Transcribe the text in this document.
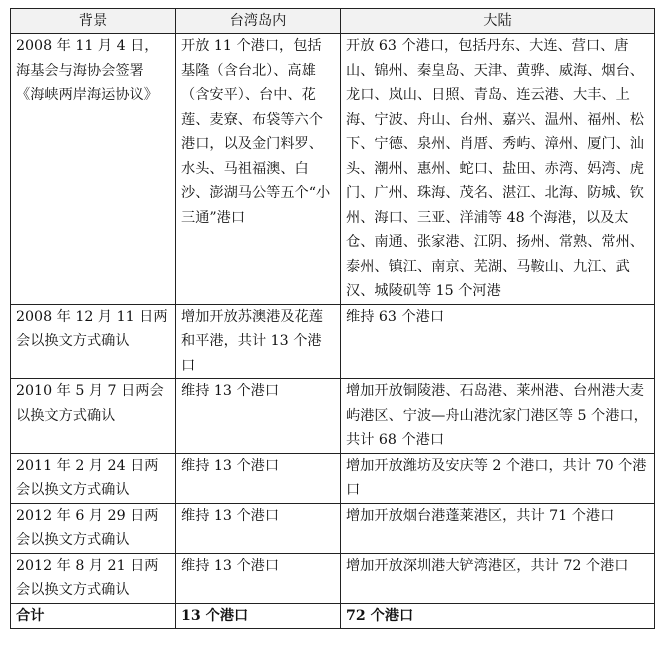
背景	台湾岛内	大陆
2008 年 11 月 4 日，海基会与海协会签署《海峡两岸海运协议》	开放 11 个港口，包括基隆（含台北）、高雄（含安平）、台中、花莲、麦寮、布袋等六个港口，以及金门料罗、水头、马祖福澳、白沙、澎湖马公等五个“小三通”港口	开放 63 个港口，包括丹东、大连、营口、唐山、锦州、秦皇岛、天津、黄骅、威海、烟台、龙口、岚山、日照、青岛、连云港、大丰、上海、宁波、舟山、台州、嘉兴、温州、福州、松下、宁德、泉州、肖厝、秀屿、漳州、厦门、汕头、潮州、惠州、蛇口、盐田、赤湾、妈湾、虎门、广州、珠海、茂名、湛江、北海、防城、钦州、海口、三亚、洋浦等 48 个海港，以及太仓、南通、张家港、江阴、扬州、常熟、常州、泰州、镇江、南京、芜湖、马鞍山、九江、武汉、城陵矶等 15 个河港
2008 年 12 月 11 日两会以换文方式确认	增加开放苏澳港及花莲和平港，共计 13 个港口	维持 63 个港口
2010 年 5 月 7 日两会以换文方式确认	维持 13 个港口	增加开放铜陵港、石岛港、莱州港、台州港大麦屿港区、宁波—舟山港沈家门港区等 5 个港口，共计 68 个港口
2011 年 2 月 24 日两会以换文方式确认	维持 13 个港口	增加开放潍坊及安庆等 2 个港口，共计 70 个港口
2012 年 6 月 29 日两会以换文方式确认	维持 13 个港口	增加开放烟台港蓬莱港区，共计 71 个港口
2012 年 8 月 21 日两会以换文方式确认	维持 13 个港口	增加开放深圳港大铲湾港区，共计 72 个港口
合计	13 个港口	72 个港口
